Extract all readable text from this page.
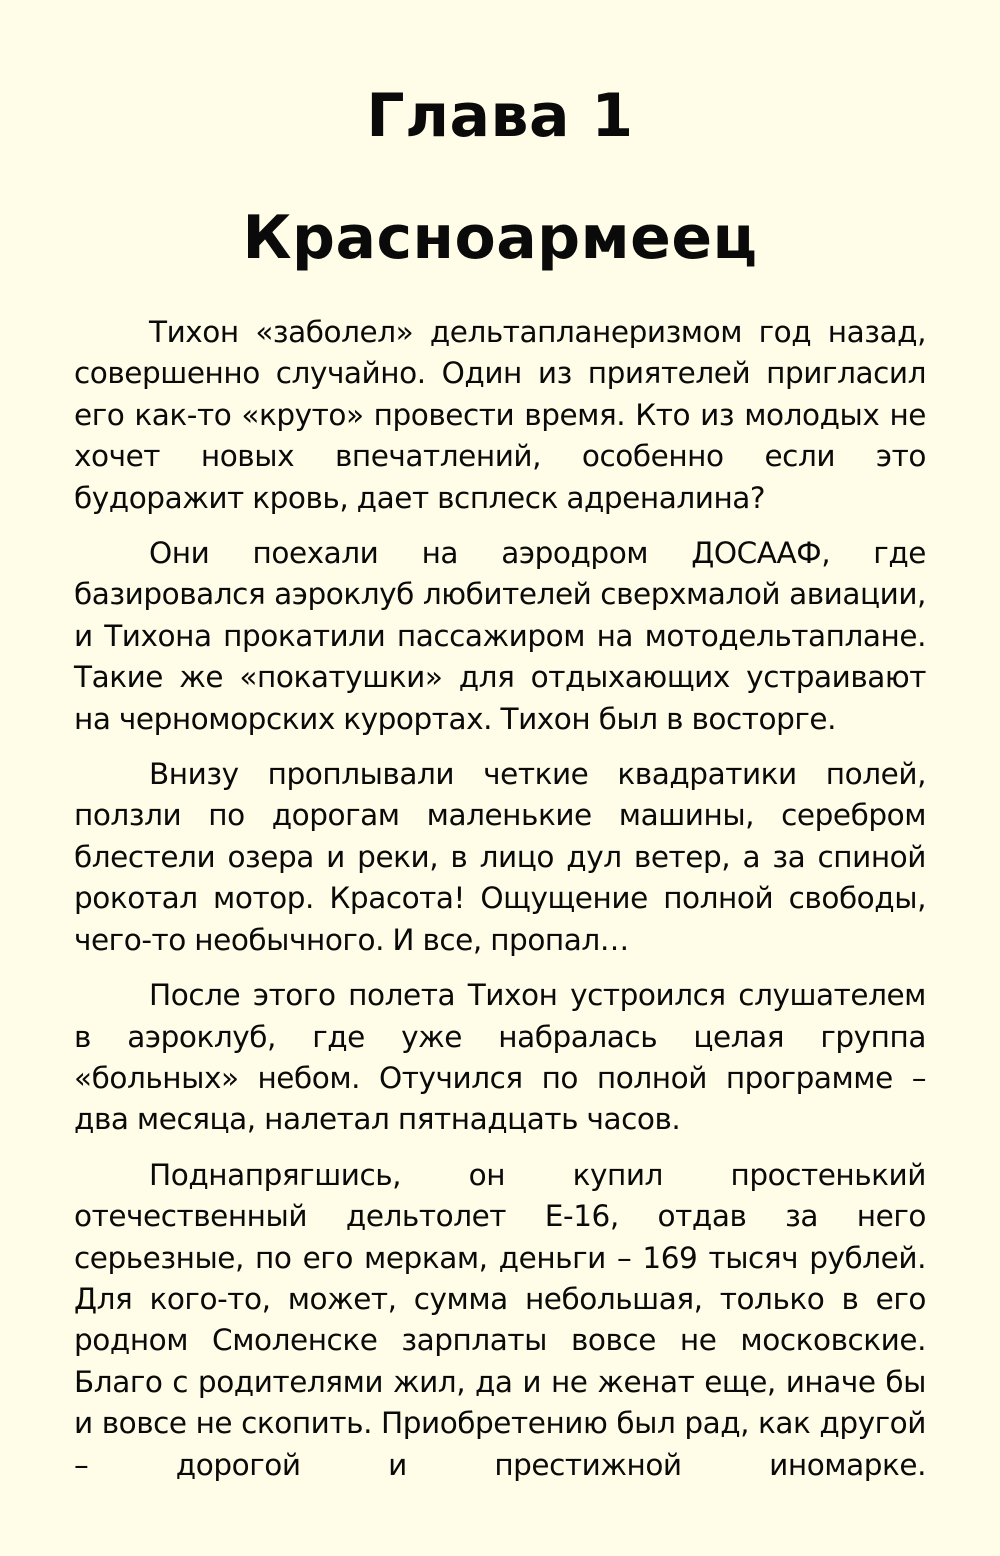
Глава 1
Красноармеец

Тихон «заболел» дельтапланеризмом год назад, совершенно случайно. Один из приятелей пригласил его как-то «круто» провести время. Кто из молодых не хочет новых впечатлений, особенно если это будоражит кровь, дает всплеск адреналина?

Они поехали на аэродром ДОСААФ, где базировался аэроклуб любителей сверхмалой авиации, и Тихона прокатили пассажиром на мотодельтаплане. Такие же «покатушки» для отдыхающих устраивают на черноморских курортах. Тихон был в восторге.

Внизу проплывали четкие квадратики полей, ползли по дорогам маленькие машины, серебром блестели озера и реки, в лицо дул ветер, а за спиной рокотал мотор. Красота! Ощущение полной свободы, чего-то необычного. И все, пропал…

После этого полета Тихон устроился слушателем в аэроклуб, где уже набралась целая группа «больных» небом. Отучился по полной программе – два месяца, налетал пятнадцать часов.

Поднапрягшись, он купил простенький отечественный дельтолет Е-16, отдав за него серьезные, по его меркам, деньги – 169 тысяч рублей. Для кого-то, может, сумма небольшая, только в его родном Смоленске зарплаты вовсе не московские. Благо с родителями жил, да и не женат еще, иначе бы и вовсе не скопить. Приобретению был рад, как другой – дорогой и престижной иномарке.
